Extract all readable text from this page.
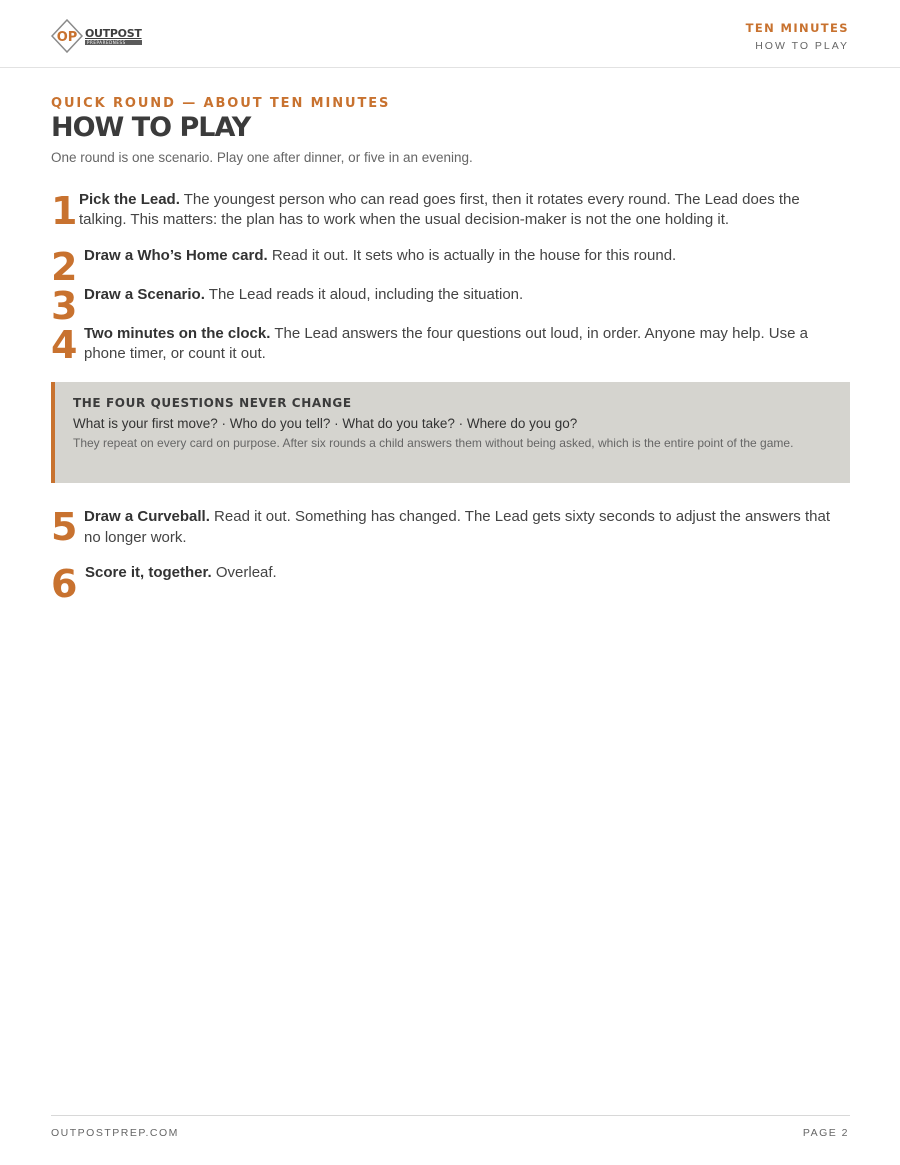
OP OUTPOST
PREPAREDNESS
TEN MINUTES
HOW TO PLAY
QUICK ROUND — ABOUT TEN MINUTES
HOW TO PLAY
One round is one scenario. Play one after dinner, or five in an evening.
1 Pick the Lead. The youngest person who can read goes first, then it rotates every round. The Lead does the talking. This matters: the plan has to work when the usual decision-maker is not the one holding it.
2 Draw a Who’s Home card. Read it out. It sets who is actually in the house for this round.
3 Draw a Scenario. The Lead reads it aloud, including the situation.
4 Two minutes on the clock. The Lead answers the four questions out loud, in order. Anyone may help. Use a phone timer, or count it out.
THE FOUR QUESTIONS NEVER CHANGE
What is your first move? · Who do you tell? · What do you take? · Where do you go?
They repeat on every card on purpose. After six rounds a child answers them without being asked, which is the entire point of the game.
5 Draw a Curveball. Read it out. Something has changed. The Lead gets sixty seconds to adjust the answers that no longer work.
6 Score it, together. Overleaf.
OUTPOSTPREP.COM	PAGE 2
